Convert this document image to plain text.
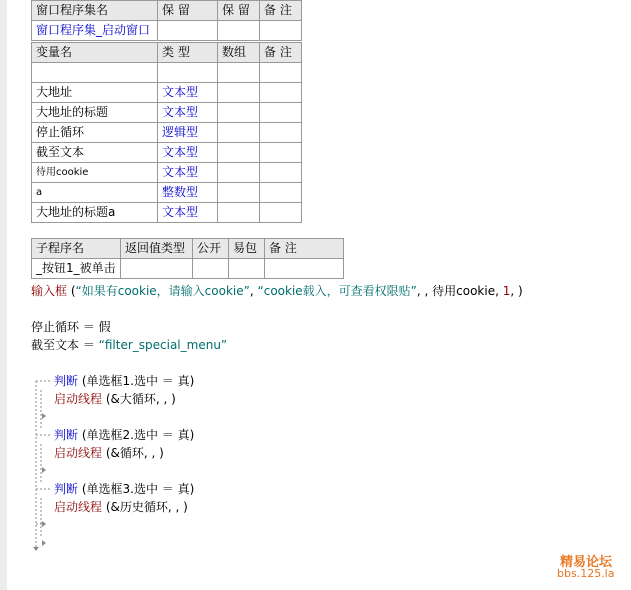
窗口程序集名	保 留	保 留	备 注
窗口程序集_启动窗口			
变量名	类 型	数组	备 注

大地址	文本型		
大地址的标题	文本型		
停止循环	逻辑型		
截至文本	文本型		
待用cookie	文本型		
a	整数型		
大地址的标题a	文本型		
子程序名	返回值类型	公开	易包	备 注
_按钮1_被单击				
输入框 (“如果有cookie，请输入cookie”, “cookie载入，可查看权限贴”, , 待用cookie, 1, )
停止循环 ＝ 假
截至文本 ＝ “filter_special_menu”
判断 (单选框1.选中 ＝ 真)
启动线程 (&大循环, , )
判断 (单选框2.选中 ＝ 真)
启动线程 (&循环, , )
判断 (单选框3.选中 ＝ 真)
启动线程 (&历史循环, , )
精易论坛
bbs.125.la
